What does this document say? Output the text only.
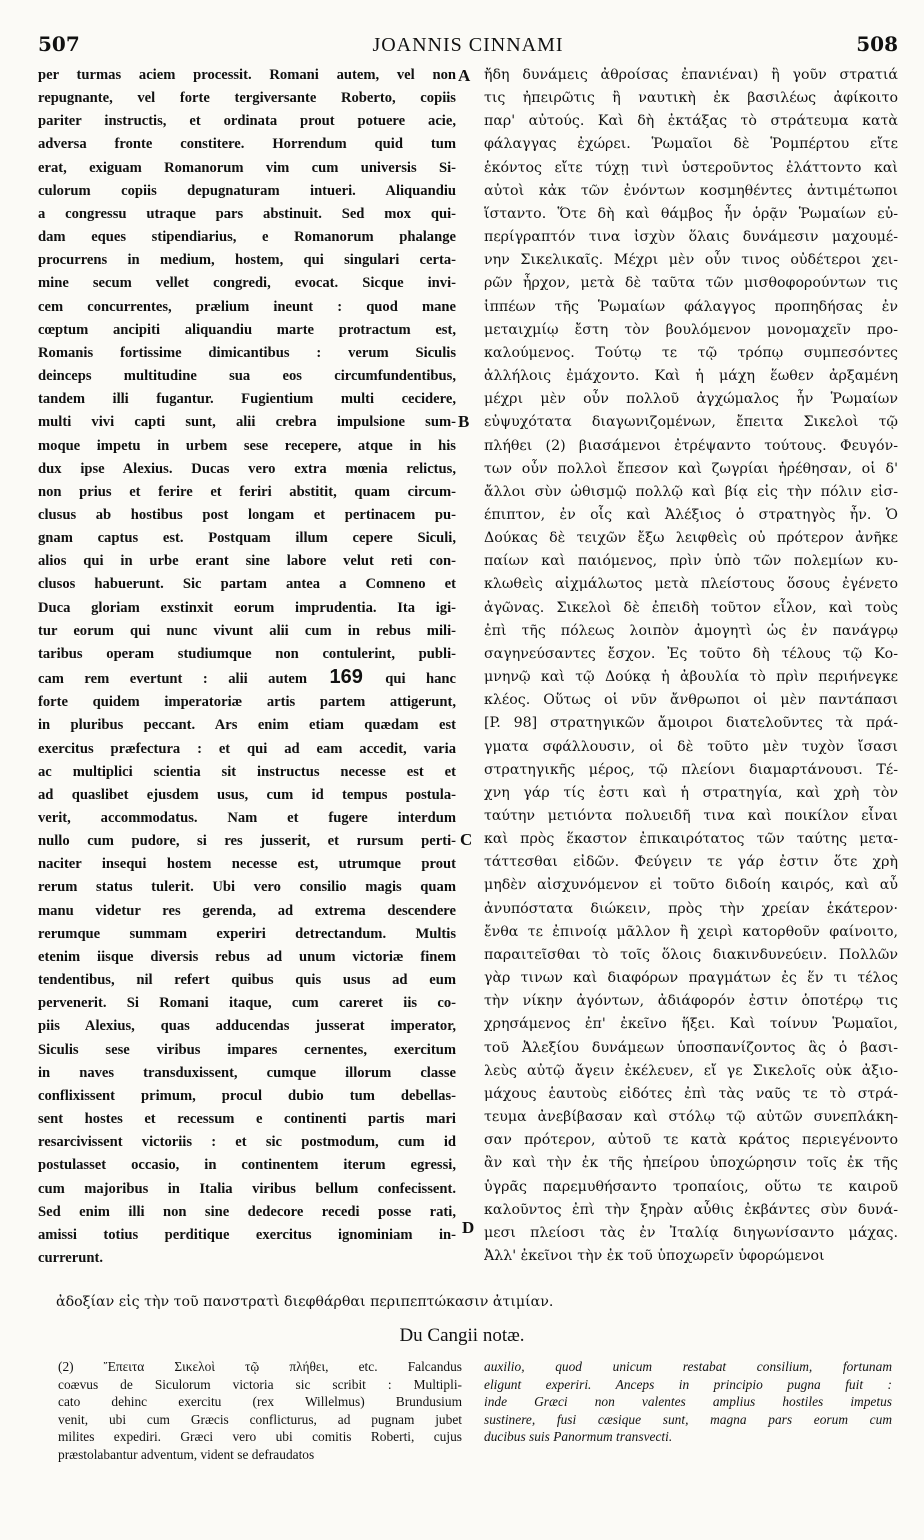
507	JOANNIS CINNAMI	508
per turmas aciem processit. Romani autem, vel non
repugnante, vel forte tergiversante Roberto, copiis
pariter instructis, et ordinata prout potuere acie,
adversa fronte constitere. Horrendum quid tum
erat, exiguam Romanorum vim cum universis Si-
culorum copiis depugnaturam intueri. Aliquandiu
a congressu utraque pars abstinuit. Sed mox qui-
dam eques stipendiarius, e Romanorum phalange
procurrens in medium, hostem, qui singulari certa-
mine secum vellet congredi, evocat. Sicque invi-
cem concurrentes, prælium ineunt : quod mane
cœptum ancipiti aliquandiu marte protractum est,
Romanis fortissime dimicantibus : verum Siculis
deinceps multitudine sua eos circumfundentibus,
tandem illi fugantur. Fugientium multi cecidere,
multi vivi capti sunt, alii crebra impulsione sum-
moque impetu in urbem sese recepere, atque in his
dux ipse Alexius. Ducas vero extra mœnia relictus,
non prius et ferire et feriri abstitit, quam circum-
clusus ab hostibus post longam et pertinacem pu-
gnam captus est. Postquam illum cepere Siculi,
alios qui in urbe erant sine labore velut reti con-
clusos habuerunt. Sic partam antea a Comneno et
Duca gloriam exstinxit eorum imprudentia. Ita igi-
tur eorum qui nunc vivunt alii cum in rebus mili-
taribus operam studiumque non contulerint, publi-
cam rem evertunt : alii autem 169 qui hanc
forte quidem imperatoriæ artis partem attigerunt,
in pluribus peccant. Ars enim etiam quædam est
exercitus præfectura : et qui ad eam accedit, varia
ac multiplici scientia sit instructus necesse est et
ad quaslibet ejusdem usus, cum id tempus postula-
verit, accommodatus. Nam et fugere interdum
nullo cum pudore, si res jusserit, et rursum perti-
naciter insequi hostem necesse est, utrumque prout
rerum status tulerit. Ubi vero consilio magis quam
manu videtur res gerenda, ad extrema descendere
rerumque summam experiri detrectandum. Multis
etenim iisque diversis rebus ad unum victoriæ finem
tendentibus, nil refert quibus quis usus ad eum
pervenerit. Si Romani itaque, cum careret iis co-
piis Alexius, quas adducendas jusserat imperator,
Siculis sese viribus impares cernentes, exercitum
in naves transduxissent, cumque illorum classe
conflixissent primum, procul dubio tum debellas-
sent hostes et recessum e continenti partis mari
resarcivissent victoriis : et sic postmodum, cum id
postulasset occasio, in continentem iterum egressi,
cum majoribus in Italia viribus bellum confecissent.
Sed enim illi non sine dedecore recedi posse rati,
amissi totius perditique exercitus ignominiam in-
currerunt.
ἤδη δυνάμεις ἀθροίσας ἐπανιέναι) ἢ γοῦν στρατιά
τις ἠπειρῶτις ἢ ναυτικὴ ἐκ βασιλέως ἀφίκοιτο
παρ' αὐτούς. Καὶ δὴ ἐκτάξας τὸ στράτευμα κατὰ
φάλαγγας ἐχώρει. Ῥωμαῖοι δὲ Ῥομπέρτου εἴτε
ἑκόντος εἴτε τύχῃ τινὶ ὑστεροῦντος ἐλάττοντο καὶ
αὐτοὶ κἀκ τῶν ἐνόντων κοσμηθέντες ἀντιμέτωποι
ἵσταντο. Ὅτε δὴ καὶ θάμβος ἦν ὁρᾷν Ῥωμαίων εὐ-
περίγραπτόν τινα ἰσχὺν ὅλαις δυνάμεσιν μαχουμέ-
νην Σικελικαῖς. Μέχρι μὲν οὖν τινος οὐδέτεροι χει-
ρῶν ἦρχον, μετὰ δὲ ταῦτα τῶν μισθοφορούντων τις
ἱππέων τῆς Ῥωμαίων φάλαγγος προπηδήσας ἐν
μεταιχμίῳ ἔστη τὸν βουλόμενον μονομαχεῖν προ-
καλούμενος. Τούτῳ τε τῷ τρόπῳ συμπεσόντες
ἀλλήλοις ἐμάχοντο. Καὶ ἡ μάχη ἕωθεν ἀρξαμένη
μέχρι μὲν οὖν πολλοῦ ἀγχώμαλος ἦν Ῥωμαίων
εὐψυχότατα διαγωνιζομένων, ἔπειτα Σικελοὶ τῷ
πλήθει (2) βιασάμενοι ἐτρέψαντο τούτους. Φευγόν-
των οὖν πολλοὶ ἔπεσον καὶ ζωγρίαι ἠρέθησαν, οἱ δ'
ἄλλοι σὺν ὠθισμῷ πολλῷ καὶ βίᾳ εἰς τὴν πόλιν εἰσ-
έπιπτον, ἐν οἷς καὶ Ἀλέξιος ὁ στρατηγὸς ἦν. Ὁ
Δούκας δὲ τειχῶν ἔξω λειφθεὶς οὐ πρότερον ἀνῆκε
παίων καὶ παιόμενος, πρὶν ὑπὸ τῶν πολεμίων κυ-
κλωθεὶς αἰχμάλωτος μετὰ πλείστους ὅσους ἐγένετο
ἀγῶνας. Σικελοὶ δὲ ἐπειδὴ τοῦτον εἷλον, καὶ τοὺς
ἐπὶ τῆς πόλεως λοιπὸν ἀμογητὶ ὡς ἐν πανάγρῳ
σαγηνεύσαντες ἔσχον. Ἐς τοῦτο δὴ τέλους τῷ Κο-
μνηνῷ καὶ τῷ Δούκᾳ ἡ ἀβουλία τὸ πρὶν περιήνεγκε
κλέος. Οὕτως οἱ νῦν ἄνθρωποι οἱ μὲν παντάπασι
[P. 98] στρατηγικῶν ἄμοιροι διατελοῦντες τὰ πρά-
γματα σφάλλουσιν, οἱ δὲ τοῦτο μὲν τυχὸν ἴσασι
στρατηγικῆς μέρος, τῷ πλείονι διαμαρτάνουσι. Τέ-
χνη γάρ τίς ἐστι καὶ ἡ στρατηγία, καὶ χρὴ τὸν
ταύτην μετιόντα πολυειδῆ τινα καὶ ποικίλον εἶναι
καὶ πρὸς ἕκαστον ἐπικαιρότατος τῶν ταύτης μετα-
τάττεσθαι εἰδῶν. Φεύγειν τε γάρ ἐστιν ὅτε χρὴ
μηδὲν αἰσχυνόμενον εἰ τοῦτο διδοίη καιρός, καὶ αὖ
ἀνυπόστατα διώκειν, πρὸς τὴν χρείαν ἑκάτερον·
ἔνθα τε ἐπινοίᾳ μᾶλλον ἢ χειρὶ κατορθοῦν φαίνοιτο,
παραιτεῖσθαι τὸ τοῖς ὅλοις διακινδυνεύειν. Πολλῶν
γὰρ τινων καὶ διαφόρων πραγμάτων ἐς ἕν τι τέλος
τὴν νίκην ἀγόντων, ἀδιάφορόν ἐστιν ὁποτέρῳ τις
χρησάμενος ἐπ' ἐκεῖνο ἥξει. Καὶ τοίνυν Ῥωμαῖοι,
τοῦ Ἀλεξίου δυνάμεων ὑποσπανίζοντος ἃς ὁ βασι-
λεὺς αὐτῷ ἄγειν ἐκέλευεν, εἴ γε Σικελοῖς οὐκ ἀξιο-
μάχους ἑαυτοὺς εἰδότες ἐπὶ τὰς ναῦς τε τὸ στρά-
τευμα ἀνεβίβασαν καὶ στόλῳ τῷ αὐτῶν συνεπλάκη-
σαν πρότερον, αὐτοῦ τε κατὰ κράτος περιεγένοντο
ἂν καὶ τὴν ἐκ τῆς ἠπείρου ὑποχώρησιν τοῖς ἐκ τῆς
ὑγρᾶς παρεμυθήσαντο τροπαίοις, οὕτω τε καιροῦ
καλοῦντος ἐπὶ τὴν ξηρὰν αὖθις ἐκβάντες σὺν δυνά-
μεσι πλείοσι τὰς ἐν Ἰταλίᾳ διηγωνίσαντο μάχας.
Ἀλλ' ἐκεῖνοι τὴν ἐκ τοῦ ὑποχωρεῖν ὑφορώμενοι
A
B
C
D
ἀδοξίαν εἰς τὴν τοῦ πανστρατὶ διεφθάρθαι περιπεπτώκασιν ἀτιμίαν.
Du Cangii notæ.
(2) Ἔπειτα Σικελοὶ τῷ πλήθει, etc. Falcandus
coævus de Siculorum victoria sic scribit : Multipli-
cato dehinc exercitu (rex Willelmus) Brundusium
venit, ubi cum Græcis conflicturus, ad pugnam jubet
milites expediri. Græci vero ubi comitis Roberti, cujus
præstolabantur adventum, vident se defraudatos
auxilio, quod unicum restabat consilium, fortunam
eligunt experiri. Anceps in principio pugna fuit :
inde Græci non valentes amplius hostiles impetus
sustinere, fusi cæsique sunt, magna pars eorum cum
ducibus suis Panormum transvecti.
